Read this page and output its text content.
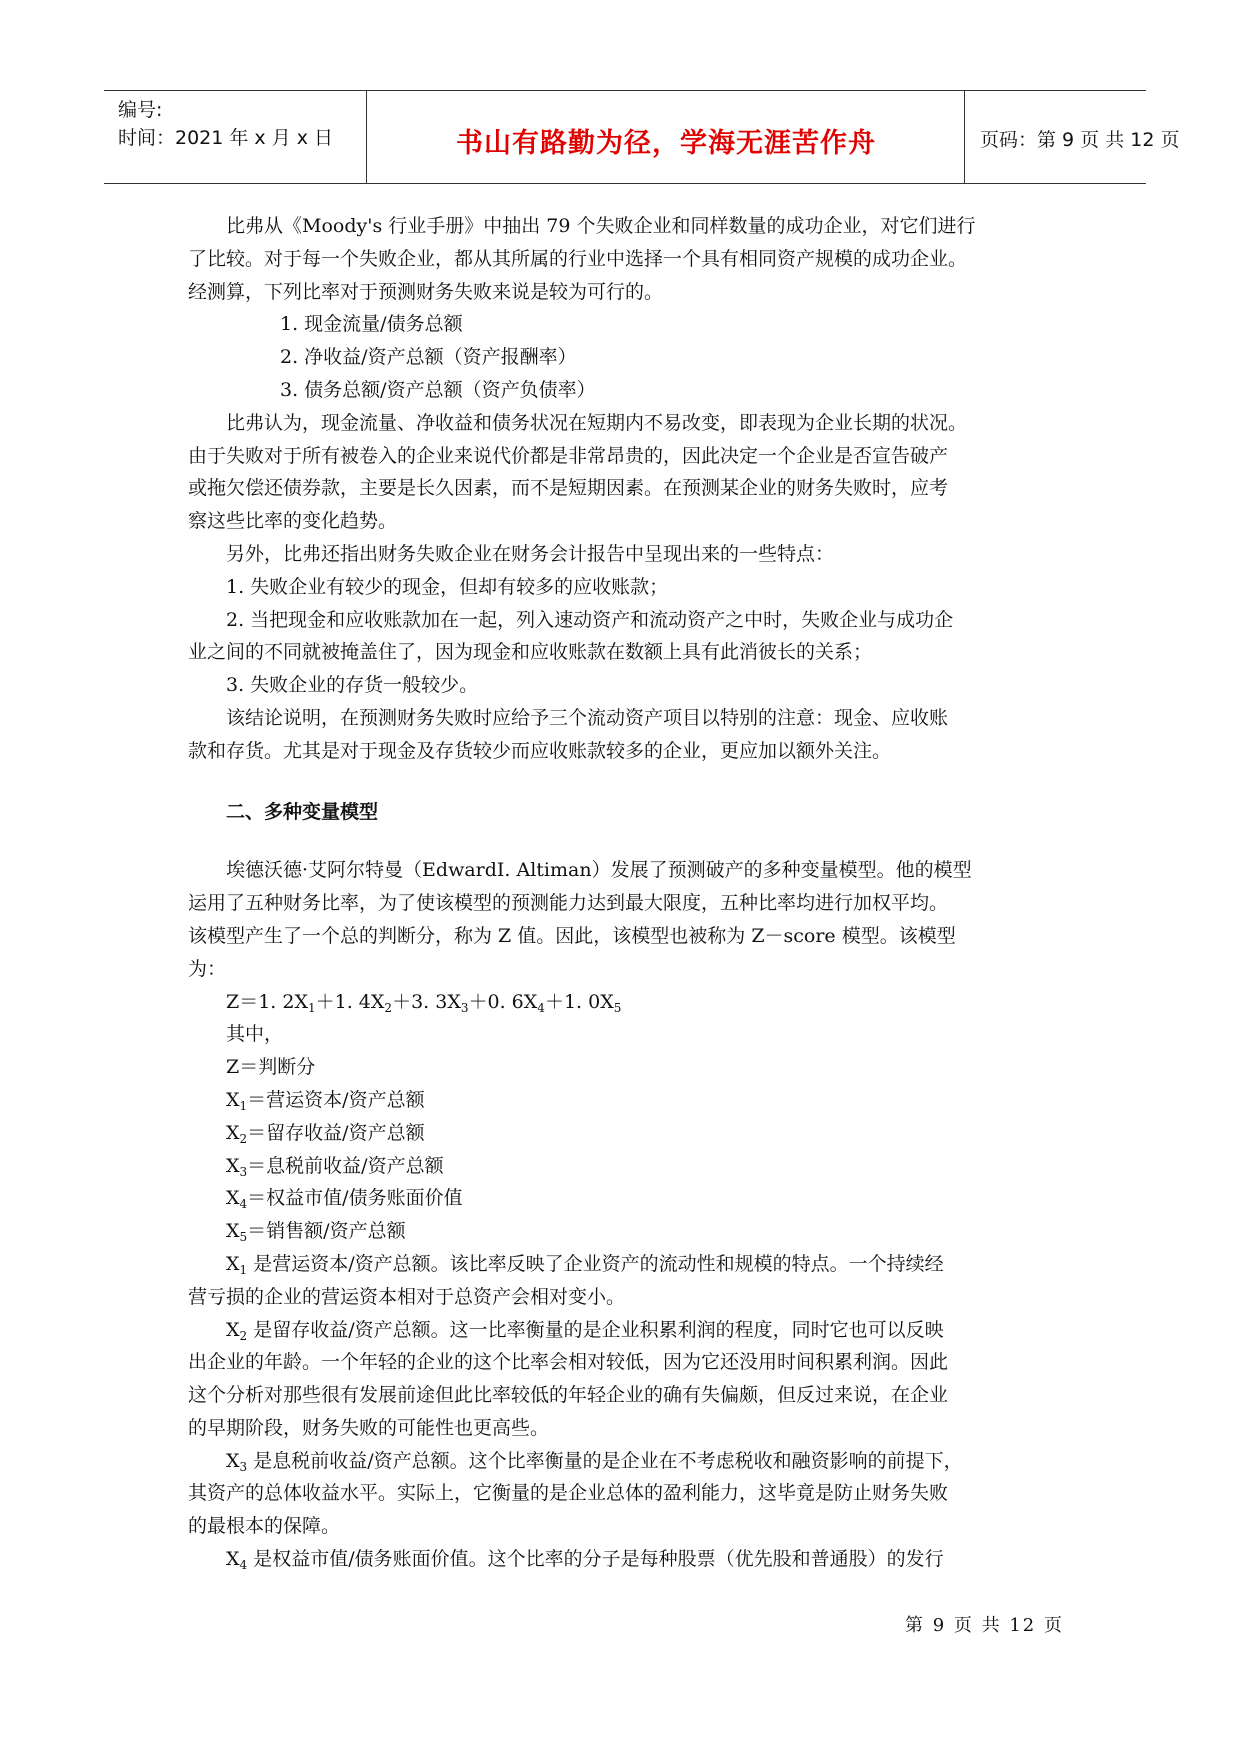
编号:
时间：2021 年 x 月 x 日	书山有路勤为径，学海无涯苦作舟	页码：第 9 页 共 12 页
比弗从《Moody's 行业手册》中抽出 79 个失败企业和同样数量的成功企业，对它们进行
了比较。对于每一个失败企业，都从其所属的行业中选择一个具有相同资产规模的成功企业。
经测算，下列比率对于预测财务失败来说是较为可行的。
1. 现金流量/债务总额
2. 净收益/资产总额（资产报酬率）
3. 债务总额/资产总额（资产负债率）
比弗认为，现金流量、净收益和债务状况在短期内不易改变，即表现为企业长期的状况。
由于失败对于所有被卷入的企业来说代价都是非常昂贵的，因此决定一个企业是否宣告破产
或拖欠偿还债券款，主要是长久因素，而不是短期因素。在预测某企业的财务失败时，应考
察这些比率的变化趋势。
另外，比弗还指出财务失败企业在财务会计报告中呈现出来的一些特点：
1. 失败企业有较少的现金，但却有较多的应收账款；
2. 当把现金和应收账款加在一起，列入速动资产和流动资产之中时，失败企业与成功企
业之间的不同就被掩盖住了，因为现金和应收账款在数额上具有此消彼长的关系；
3. 失败企业的存货一般较少。
该结论说明，在预测财务失败时应给予三个流动资产项目以特别的注意：现金、应收账
款和存货。尤其是对于现金及存货较少而应收账款较多的企业，更应加以额外关注。
二、多种变量模型
埃德沃德·艾阿尔特曼（EdwardI. Altiman）发展了预测破产的多种变量模型。他的模型
运用了五种财务比率，为了使该模型的预测能力达到最大限度，五种比率均进行加权平均。
该模型产生了一个总的判断分，称为 Z 值。因此，该模型也被称为 Z－score 模型。该模型
为：
Z＝1. $2X_1+1$. $4X_2+3$. $3X_3+0$. $6X_4+1$. $0X_5$
其中，
Z＝判断分
$X_1=$营运资本/资产总额
$X_2=$留存收益/资产总额
$X_3=$息税前收益/资产总额
$X_4=$权益市值/债务账面价值
$X_5=$销售额/资产总额
$X_1$ 是营运资本/资产总额。该比率反映了企业资产的流动性和规模的特点。一个持续经
营亏损的企业的营运资本相对于总资产会相对变小。
$X_2$ 是留存收益/资产总额。这一比率衡量的是企业积累利润的程度，同时它也可以反映
出企业的年龄。一个年轻的企业的这个比率会相对较低，因为它还没用时间积累利润。因此
这个分析对那些很有发展前途但此比率较低的年轻企业的确有失偏颇，但反过来说，在企业
的早期阶段，财务失败的可能性也更高些。
$X_3$ 是息税前收益/资产总额。这个比率衡量的是企业在不考虑税收和融资影响的前提下，
其资产的总体收益水平。实际上，它衡量的是企业总体的盈利能力，这毕竟是防止财务失败
的最根本的保障。
$X_4$ 是权益市值/债务账面价值。这个比率的分子是每种股票（优先股和普通股）的发行
第 9 页 共 12 页
